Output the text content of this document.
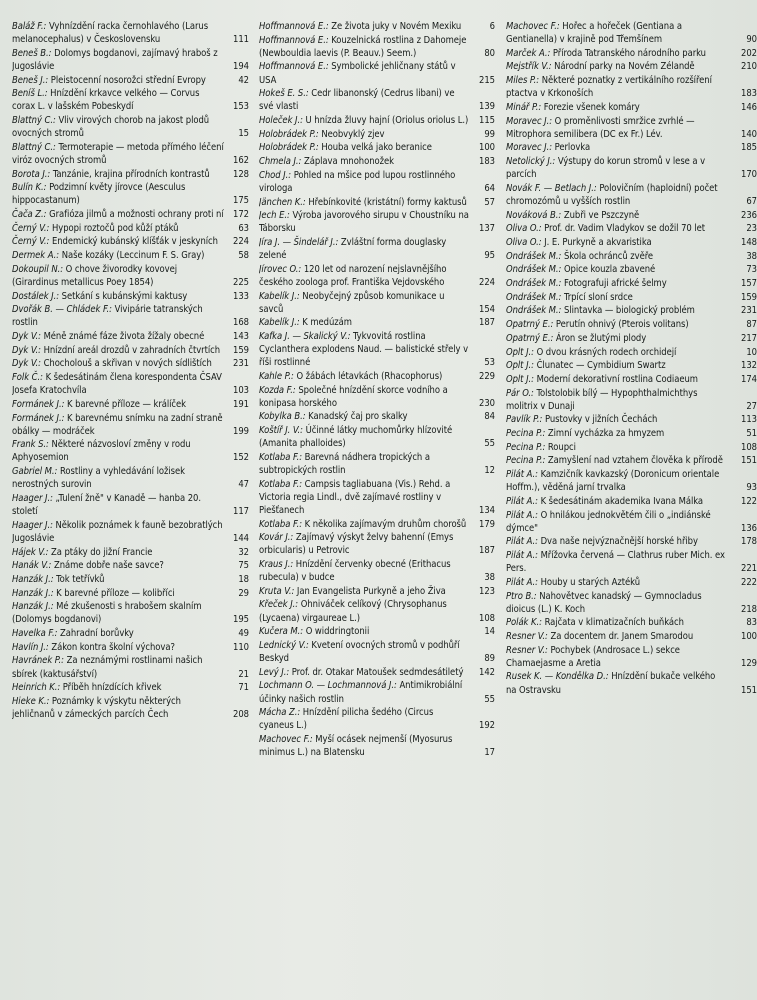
Baláž F.: Vyhnízdění racka černohlavého (Larus melanocephalus) v Československu	111
Beneš B.: Dolomys bogdanovi, zajímavý hraboš z Jugoslávie	194
Beneš J.: Pleistocenní nosorožci střední Evropy	42
Beníš L.: Hnízdění krkavce velkého — Corvus corax L. v lašském Pobeskydí	153
Blattný C.: Vliv virových chorob na jakost plodů ovocných stromů	15
Blattný C.: Termoterapie — metoda přímého léčení viróz ovocných stromů	162
Borota J.: Tanzánie, krajina přírodních kontrastů 128
Bulín K.: Podzimní květy jírovce (Aesculus hippocastanum)	175
Čača Z.: Grafióza jilmů a možnosti ochrany proti ní 172
Černý V.: Hypopi roztočů pod kůží ptáků	63
Černý V.: Endemický kubánský klíšťák v jeskyních 224
Dermek A.: Naše kozáky (Leccinum F. S. Gray)	58
Dokoupil N.: O chove živorodky kovovej (Girardinus metallicus Poey 1854)	225
Dostálek J.: Setkání s kubánskými kaktusy	133
Dvořák B. — Chládek F.: Vivipárie tatranských rostlin	168
Dyk V.: Méně známé fáze života žížaly obecné	143
Dyk V.: Hnízdní areál drozdů v zahradních čtvrtích 159
Dyk V.: Chocholouš a skřivan v nových sídlištích 231
Folk Č.: K šedesátinám člena korespondenta ČSAV Josefa Kratochvíla	103
Formánek J.: K barevné příloze — králíček	191
Formánek J.: K barevnému snímku na zadní straně obálky — modráček	199
Frank S.: Některé názvosloví změny v rodu Aphyosemion	152
Gabriel M.: Rostliny a vyhledávání ložisek nerostných surovin	47
Haager J.: „Tulení žně" v Kanadě — hanba 20. století	117
Haager J.: Několik poznámek k fauně bezobratlých Jugoslávie	144
Hájek V.: Za ptáky do jižní Francie	32
Hanák V.: Známe dobře naše savce?	75
Hanzák J.: Tok tetřívků	18
Hanzák J.: K barevné příloze — kolibříci	29
Hanzák J.: Mé zkušenosti s hrabošem skalním (Dolomys bogdanovi)	195
Havelka F.: Zahradní borůvky	49
Havlín J.: Zákon kontra školní výchova?	110
Havránek P.: Za neznámými rostlinami našich sbírek (kaktusářství)	21
Heinrich K.: Příběh hnízdících křivek	71
Hieke K.: Poznámky k výskytu některých jehličnanů v zámeckých parcích Čech	208
Hoffmannová E.: Ze života juky v Novém Mexiku	6
Hoffmannová E.: Kouzelnická rostlina z Dahomeje (Newbouldia laevis (P. Beauv.) Seem.)	80
Hoffmannová E.: Symbolické jehličnany států v USA	215
Hokeš E. S.: Cedr libanonský (Cedrus libani) ve své vlasti	139
Holeček J.: U hnízda žluvy hajní (Oriolus oriolus L.) 115
Holobrádek P.: Neobvyklý zjev	99
Holobrádek P.: Houba velká jako beranice	100
Chmela J.: Záplava mnohonožek	183
Chod J.: Pohled na mšice pod lupou rostlinného virologa	64
Jänchen K.: Hřebínkovité (kristátní) formy kaktusů 57
Jech E.: Výroba javorového sirupu v Choustníku na Táborsku	137
Jíra J. — Šindelář J.: Zvláštní forma douglasky zelené	95
Jírovec O.: 120 let od narození nejslavnějšího českého zoologa prof. Františka Vejdovského	224
Kabelík J.: Neobyčejný způsob komunikace u savců	154
Kabelík J.: K medúzám	187
Kafka J. — Skalický V.: Tykvovitá rostlina Cyclanthera explodens Naud. — balistické střely v říši rostlinné	53
Kahle P.: O žábách létavkách (Rhacophorus)	229
Kozda F.: Společné hnízdění skorce vodního a konipasa horského	230
Kobylka B.: Kanadský čaj pro skalky	84
Koštíř J. V.: Účinné látky muchomůrky hlízovité (Amanita phalloides)	55
Kotlaba F.: Barevná nádhera tropických a subtropických rostlin	12
Kotlaba F.: Campsis tagliabuana (Vis.) Rehd. a Victoria regia Lindl., dvě zajímavé rostliny v Piešťanech	134
Kotlaba F.: K několika zajímavým druhům chorošů 179
Kovár J.: Zajímavý výskyt želvy bahenní (Emys orbicularis) u Petrovic	187
Kraus J.: Hnízdění červenky obecné (Erithacus rubecula) v budce	38
Kruta V.: Jan Evangelista Purkyně a jeho Živa	123
Křeček J.: Ohniváček celíkový (Chrysophanus (Lycaena) virgaureae L.)	108
Kučera M.: O widdringtonii	14
Lednický V.: Kvetení ovocných stromů v podhůří Beskyd	89
Levý J.: Prof. dr. Otakar Matoušek sedmdesátiletý 142
Lochmann O. — Lochmannová J.: Antimikrobiální účinky našich rostlin	55
Mácha Z.: Hnízdění pilicha šedého (Circus cyaneus L.)	192
Machovec F.: Myší ocásek nejmenší (Myosurus minimus L.) na Blatensku	17
Machovec F.: Hořec a hořeček (Gentiana a Gentianella) v krajině pod Třemšínem	90
Marček A.: Příroda Tatranského národního parku	202
Mejstřík V.: Národní parky na Novém Zélandě	210
Miles P.: Některé poznatky z vertikálního rozšíření ptactva v Krkonoších	183
Minář P.: Forezie všenek komáry	146
Moravec J.: O proměnlivosti smržice zvrhlé — Mitrophora semilibera (DC ex Fr.) Lév.	140
Moravec J.: Perlovka	185
Netolický J.: Výstupy do korun stromů v lese a v parcích	170
Novák F. — Betlach J.: Polovičním (haploidní) počet chromozómů u vyšších rostlin	67
Nováková B.: Zubři ve Pszczyně	236
Oliva O.: Prof. dr. Vadim Vladykov se dožil 70 let	23
Oliva O.: J. E. Purkyně a akvaristika	148
Ondrášek M.: Škola ochránců zvěře	38
Ondrášek M.: Opice kouzla zbavené	73
Ondrášek M.: Fotografuji africké šelmy	157
Ondrášek M.: Trpící sloní srdce	159
Ondrášek M.: Slintavka — biologický problém	231
Opatrný E.: Perutín ohnivý (Pterois volitans)	87
Opatrný E.: Áron se žlutými plody	217
Oplt J.: O dvou krásných rodech orchidejí	10
Oplt J.: Člunatec — Cymbidium Swartz	132
Oplt J.: Moderní dekorativní rostlina Codiaeum	174
Pár O.: Tolstolobik bílý — Hypophthalmichthys molitrix v Dunaji	27
Pavlík P.: Pustovky v jižních Čechách	113
Pecina P.: Zimní vycházka za hmyzem	51
Pecina P.: Roupci	108
Pecina P.: Zamyšlení nad vztahem člověka k přírodě 151
Pilát A.: Kamzičník kavkazský (Doronicum orientale Hoffm.), věděná jarní trvalka	93
Pilát A.: K šedesátinám akademika Ivana Málka	122
Pilát A.: O hnilákou jednokvětém čili o „indiánské dýmce"	136
Pilát A.: Dva naše nejvýznačnější horské hřiby	178
Pilát A.: Mřížovka červená — Clathrus ruber Mich. ex Pers.	221
Pilát A.: Houby u starých Aztéků	222
Ptro B.: Nahovětvec kanadský — Gymnocladus dioicus (L.) K. Koch	218
Polák K.: Rajčata v klimatizačních buňkách	83
Resner V.: Za docentem dr. Janem Smarodou	100
Resner V.: Pochybek (Androsace L.) sekce Chamaejasme a Aretia	129
Rusek K. — Kondělka D.: Hnízdění bukače velkého na Ostravsku	151
